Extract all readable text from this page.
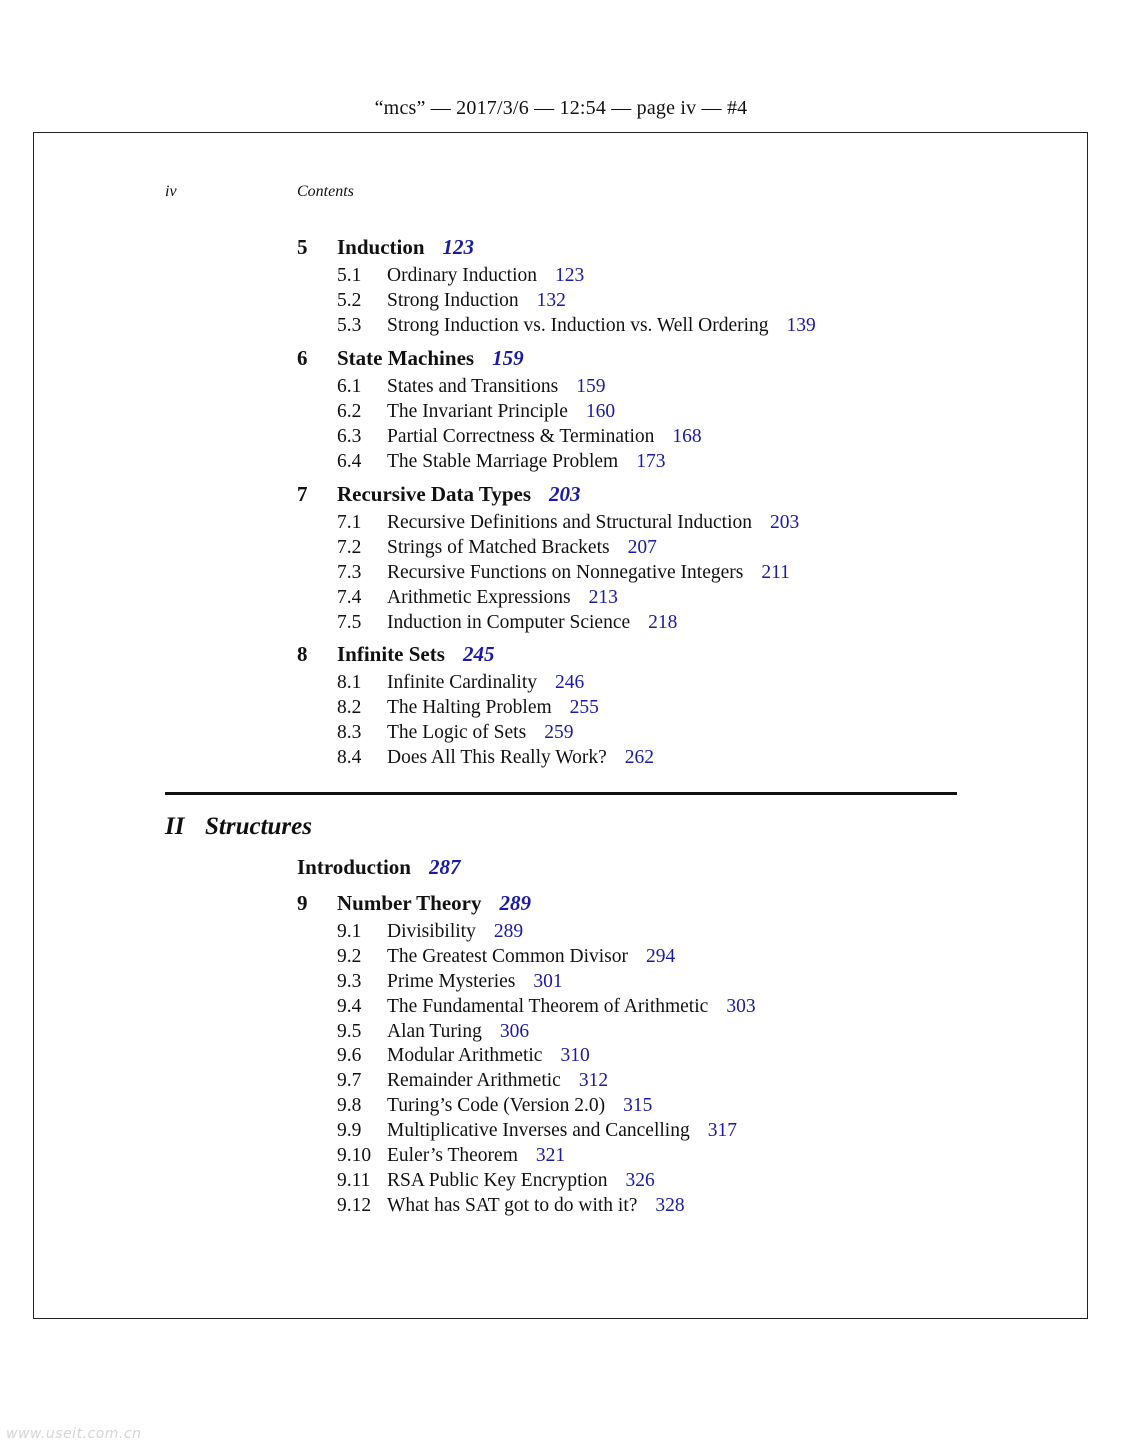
“mcs” — 2017/3/6 — 12:54 — page iv — #4
iv	Contents
5 Induction 123
5.1 Ordinary Induction 123
5.2 Strong Induction 132
5.3 Strong Induction vs. Induction vs. Well Ordering 139
6 State Machines 159
6.1 States and Transitions 159
6.2 The Invariant Principle 160
6.3 Partial Correctness & Termination 168
6.4 The Stable Marriage Problem 173
7 Recursive Data Types 203
7.1 Recursive Definitions and Structural Induction 203
7.2 Strings of Matched Brackets 207
7.3 Recursive Functions on Nonnegative Integers 211
7.4 Arithmetic Expressions 213
7.5 Induction in Computer Science 218
8 Infinite Sets 245
8.1 Infinite Cardinality 246
8.2 The Halting Problem 255
8.3 The Logic of Sets 259
8.4 Does All This Really Work? 262
II Structures
Introduction 287
9 Number Theory 289
9.1 Divisibility 289
9.2 The Greatest Common Divisor 294
9.3 Prime Mysteries 301
9.4 The Fundamental Theorem of Arithmetic 303
9.5 Alan Turing 306
9.6 Modular Arithmetic 310
9.7 Remainder Arithmetic 312
9.8 Turing’s Code (Version 2.0) 315
9.9 Multiplicative Inverses and Cancelling 317
9.10 Euler’s Theorem 321
9.11 RSA Public Key Encryption 326
9.12 What has SAT got to do with it? 328
www.useit.com.cn
